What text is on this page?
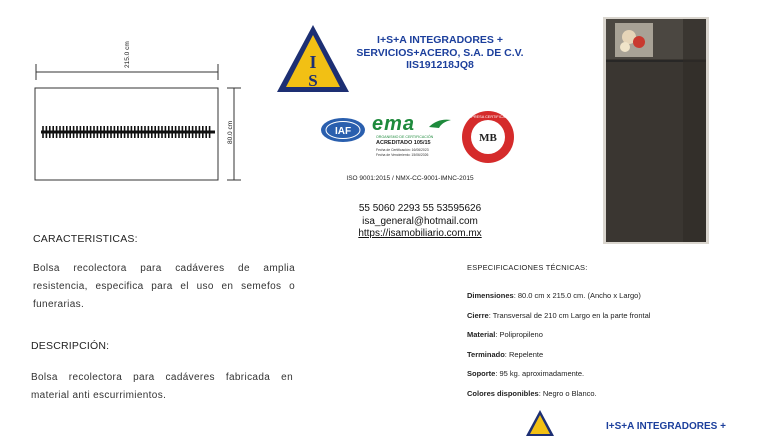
215.0 cm
80.0 cm
I
S
I+S+A INTEGRADORES +
SERVICIOS+ACERO, S.A. DE C.V.
IIS191218JQ8
IAF ema
ORGANISMO DE CERTIFICACIÓN
ACREDITADO 105/15
Fecha de Certificación: 16/06/2023
Fecha de Vencimiento: 15/06/2026
MB
EMPRESA CERTIFICADA
ISO 9001:2015 / NMX-CC-9001-IMNC-2015
55 5060 2293 55 53595626
isa_general@hotmail.com
https://isamobiliario.com.mx
CARACTERISTICAS:
Bolsa recolectora para cadáveres de amplia resistencia, especifica para el uso en semefos o funerarias.
DESCRIPCIÓN:
Bolsa recolectora para cadáveres fabricada en material anti escurrimientos.
ESPECIFICACIONES TÉCNICAS:
Dimensiones: 80.0 cm x 215.0 cm. (Ancho x Largo)
Cierre: Transversal de 210 cm Largo en la parte frontal
Material: Polipropileno
Terminado: Repelente
Soporte: 95 kg. aproximadamente.
Colores disponibles: Negro o Blanco.
I+S+A INTEGRADORES +
